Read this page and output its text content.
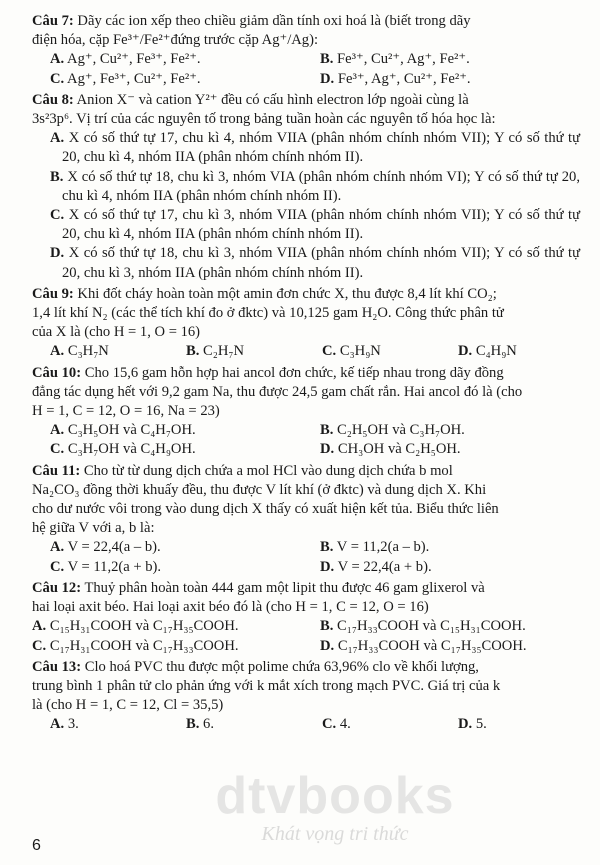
Câu 7: Dãy các ion xếp theo chiều giảm dần tính oxi hoá là (biết trong dãy
điện hóa, cặp Fe³⁺/Fe²⁺đứng trước cặp Ag⁺/Ag):
A. Ag⁺, Cu²⁺, Fe³⁺, Fe²⁺.	B. Fe³⁺, Cu²⁺, Ag⁺, Fe²⁺.
C. Ag⁺, Fe³⁺, Cu²⁺, Fe²⁺.	D. Fe³⁺, Ag⁺, Cu²⁺, Fe²⁺.
Câu 8: Anion X⁻ và cation Y²⁺ đều có cấu hình electron lớp ngoài cùng là
3s²3p⁶. Vị trí của các nguyên tố trong bảng tuần hoàn các nguyên tố hóa học là:
A. X có số thứ tự 17, chu kì 4, nhóm VIIA (phân nhóm chính nhóm VII); Y có số thứ tự 20, chu kì 4, nhóm IIA (phân nhóm chính nhóm II).
B. X có số thứ tự 18, chu kì 3, nhóm VIA (phân nhóm chính nhóm VI); Y có số thứ tự 20, chu kì 4, nhóm IIA (phân nhóm chính nhóm II).
C. X có số thứ tự 17, chu kì 3, nhóm VIIA (phân nhóm chính nhóm VII); Y có số thứ tự 20, chu kì 4, nhóm IIA (phân nhóm chính nhóm II).
D. X có số thứ tự 18, chu kì 3, nhóm VIIA (phân nhóm chính nhóm VII); Y có số thứ tự 20, chu kì 3, nhóm IIA (phân nhóm chính nhóm II).
Câu 9: Khi đốt cháy hoàn toàn một amin đơn chức X, thu được 8,4 lít khí CO₂;
1,4 lít khí N₂ (các thể tích khí đo ở đktc) và 10,125 gam H₂O. Công thức phân tử
của X là (cho H = 1, O = 16)
A. C₃H₇N	B. C₂H₇N	C. C₃H₉N	D. C₄H₉N
Câu 10: Cho 15,6 gam hỗn hợp hai ancol đơn chức, kế tiếp nhau trong dãy đồng
đẳng tác dụng hết với 9,2 gam Na, thu được 24,5 gam chất rắn. Hai ancol đó là (cho
H = 1, C = 12, O = 16, Na = 23)
A. C₃H₅OH và C₄H₇OH.	B. C₂H₅OH và C₃H₇OH.
C. C₃H₇OH và C₄H₉OH.	D. CH₃OH và C₂H₅OH.
Câu 11: Cho từ từ dung dịch chứa a mol HCl vào dung dịch chứa b mol
Na₂CO₃ đồng thời khuấy đều, thu được V lít khí (ở đktc) và dung dịch X. Khi
cho dư nước vôi trong vào dung dịch X thấy có xuất hiện kết tủa. Biểu thức liên
hệ giữa V với a, b là:
A. V = 22,4(a – b).	B. V = 11,2(a – b).
C. V = 11,2(a + b).	D. V = 22,4(a + b).
Câu 12: Thuỷ phân hoàn toàn 444 gam một lipit thu được 46 gam glixerol và
hai loại axit béo. Hai loại axit béo đó là (cho H = 1, C = 12, O = 16)
A. C₁₅H₃₁COOH và C₁₇H₃₅COOH.	B. C₁₇H₃₃COOH và C₁₅H₃₁COOH.
C. C₁₇H₃₁COOH và C₁₇H₃₃COOH.	D. C₁₇H₃₃COOH và C₁₇H₃₅COOH.
Câu 13: Clo hoá PVC thu được một polime chứa 63,96% clo về khối lượng,
trung bình 1 phân tử clo phản ứng với k mắt xích trong mạch PVC. Giá trị của k
là (cho H = 1, C = 12, Cl = 35,5)
A. 3.	B. 6.	C. 4.	D. 5.
dtvbooks
Khát vọng tri thức
6
